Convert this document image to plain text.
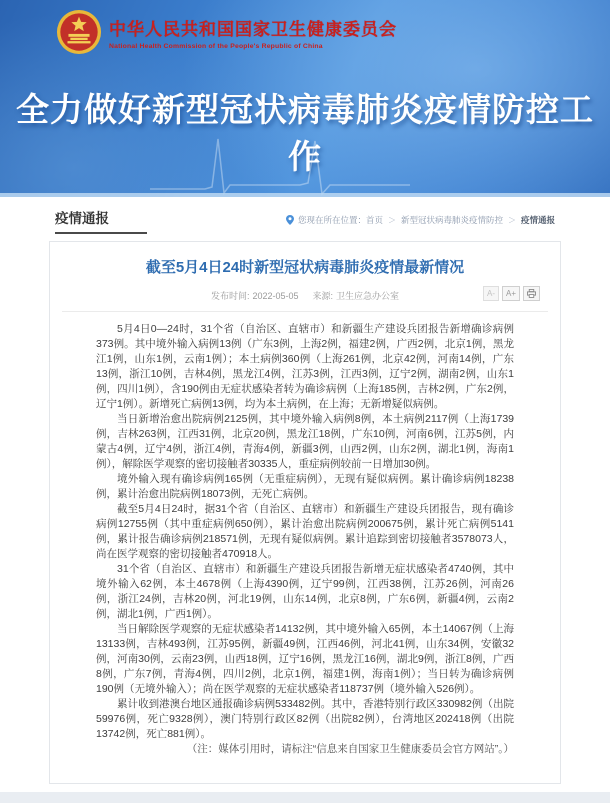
中华人民共和国国家卫生健康委员会
National Health Commission of the People's Republic of China
全力做好新型冠状病毒肺炎疫情防控工作
疫情通报	您现在所在位置： 首页 ＞ 新型冠状病毒肺炎疫情防控 ＞ 疫情通报
截至5月4日24时新型冠状病毒肺炎疫情最新情况
发布时间: 2022-05-05 来源: 卫生应急办公室	A-	A+

5月4日0—24时，31个省（自治区、直辖市）和新疆生产建设兵团报告新增确诊病例373例。其中境外输入病例13例（广东3例，上海2例，福建2例，广西2例，北京1例，黑龙江1例，山东1例，云南1例）；本土病例360例（上海261例，北京42例，河南14例，广东13例，浙江10例，吉林4例，黑龙江4例，江苏3例，江西3例，辽宁2例，湖南2例，山东1例，四川1例），含190例由无症状感染者转为确诊病例（上海185例，吉林2例，广东2例，辽宁1例）。新增死亡病例13例，均为本土病例，在上海；无新增疑似病例。

当日新增治愈出院病例2125例，其中境外输入病例8例，本土病例2117例（上海1739例，吉林263例，江西31例，北京20例，黑龙江18例，广东10例，河南6例，江苏5例，内蒙古4例，辽宁4例，浙江4例，青海4例，新疆3例，山西2例，山东2例，湖北1例，海南1例），解除医学观察的密切接触者30335人，重症病例较前一日增加30例。

境外输入现有确诊病例165例（无重症病例），无现有疑似病例。累计确诊病例18238例，累计治愈出院病例18073例，无死亡病例。

截至5月4日24时，据31个省（自治区、直辖市）和新疆生产建设兵团报告，现有确诊病例12755例（其中重症病例650例），累计治愈出院病例200675例，累计死亡病例5141例，累计报告确诊病例218571例，无现有疑似病例。累计追踪到密切接触者3578073人，尚在医学观察的密切接触者470918人。

31个省（自治区、直辖市）和新疆生产建设兵团报告新增无症状感染者4740例，其中境外输入62例，本土4678例（上海4390例，辽宁99例，江西38例，江苏26例，河南26例，浙江24例，吉林20例，河北19例，山东14例，北京8例，广东6例，新疆4例，云南2例，湖北1例，广西1例）。

当日解除医学观察的无症状感染者14132例，其中境外输入65例，本土14067例（上海13133例，吉林493例，江苏95例，新疆49例，江西46例，河北41例，山东34例，安徽32例，河南30例，云南23例，山西18例，辽宁16例，黑龙江16例，湖北9例，浙江8例，广西8例，广东7例，青海4例，四川2例，北京1例，福建1例，海南1例）；当日转为确诊病例190例（无境外输入）；尚在医学观察的无症状感染者118737例（境外输入526例）。

累计收到港澳台地区通报确诊病例533482例。其中，香港特别行政区330982例（出院59976例，死亡9328例），澳门特别行政区82例（出院82例），台湾地区202418例（出院13742例，死亡881例）。

（注：媒体引用时，请标注“信息来自国家卫生健康委员会官方网站”。）
